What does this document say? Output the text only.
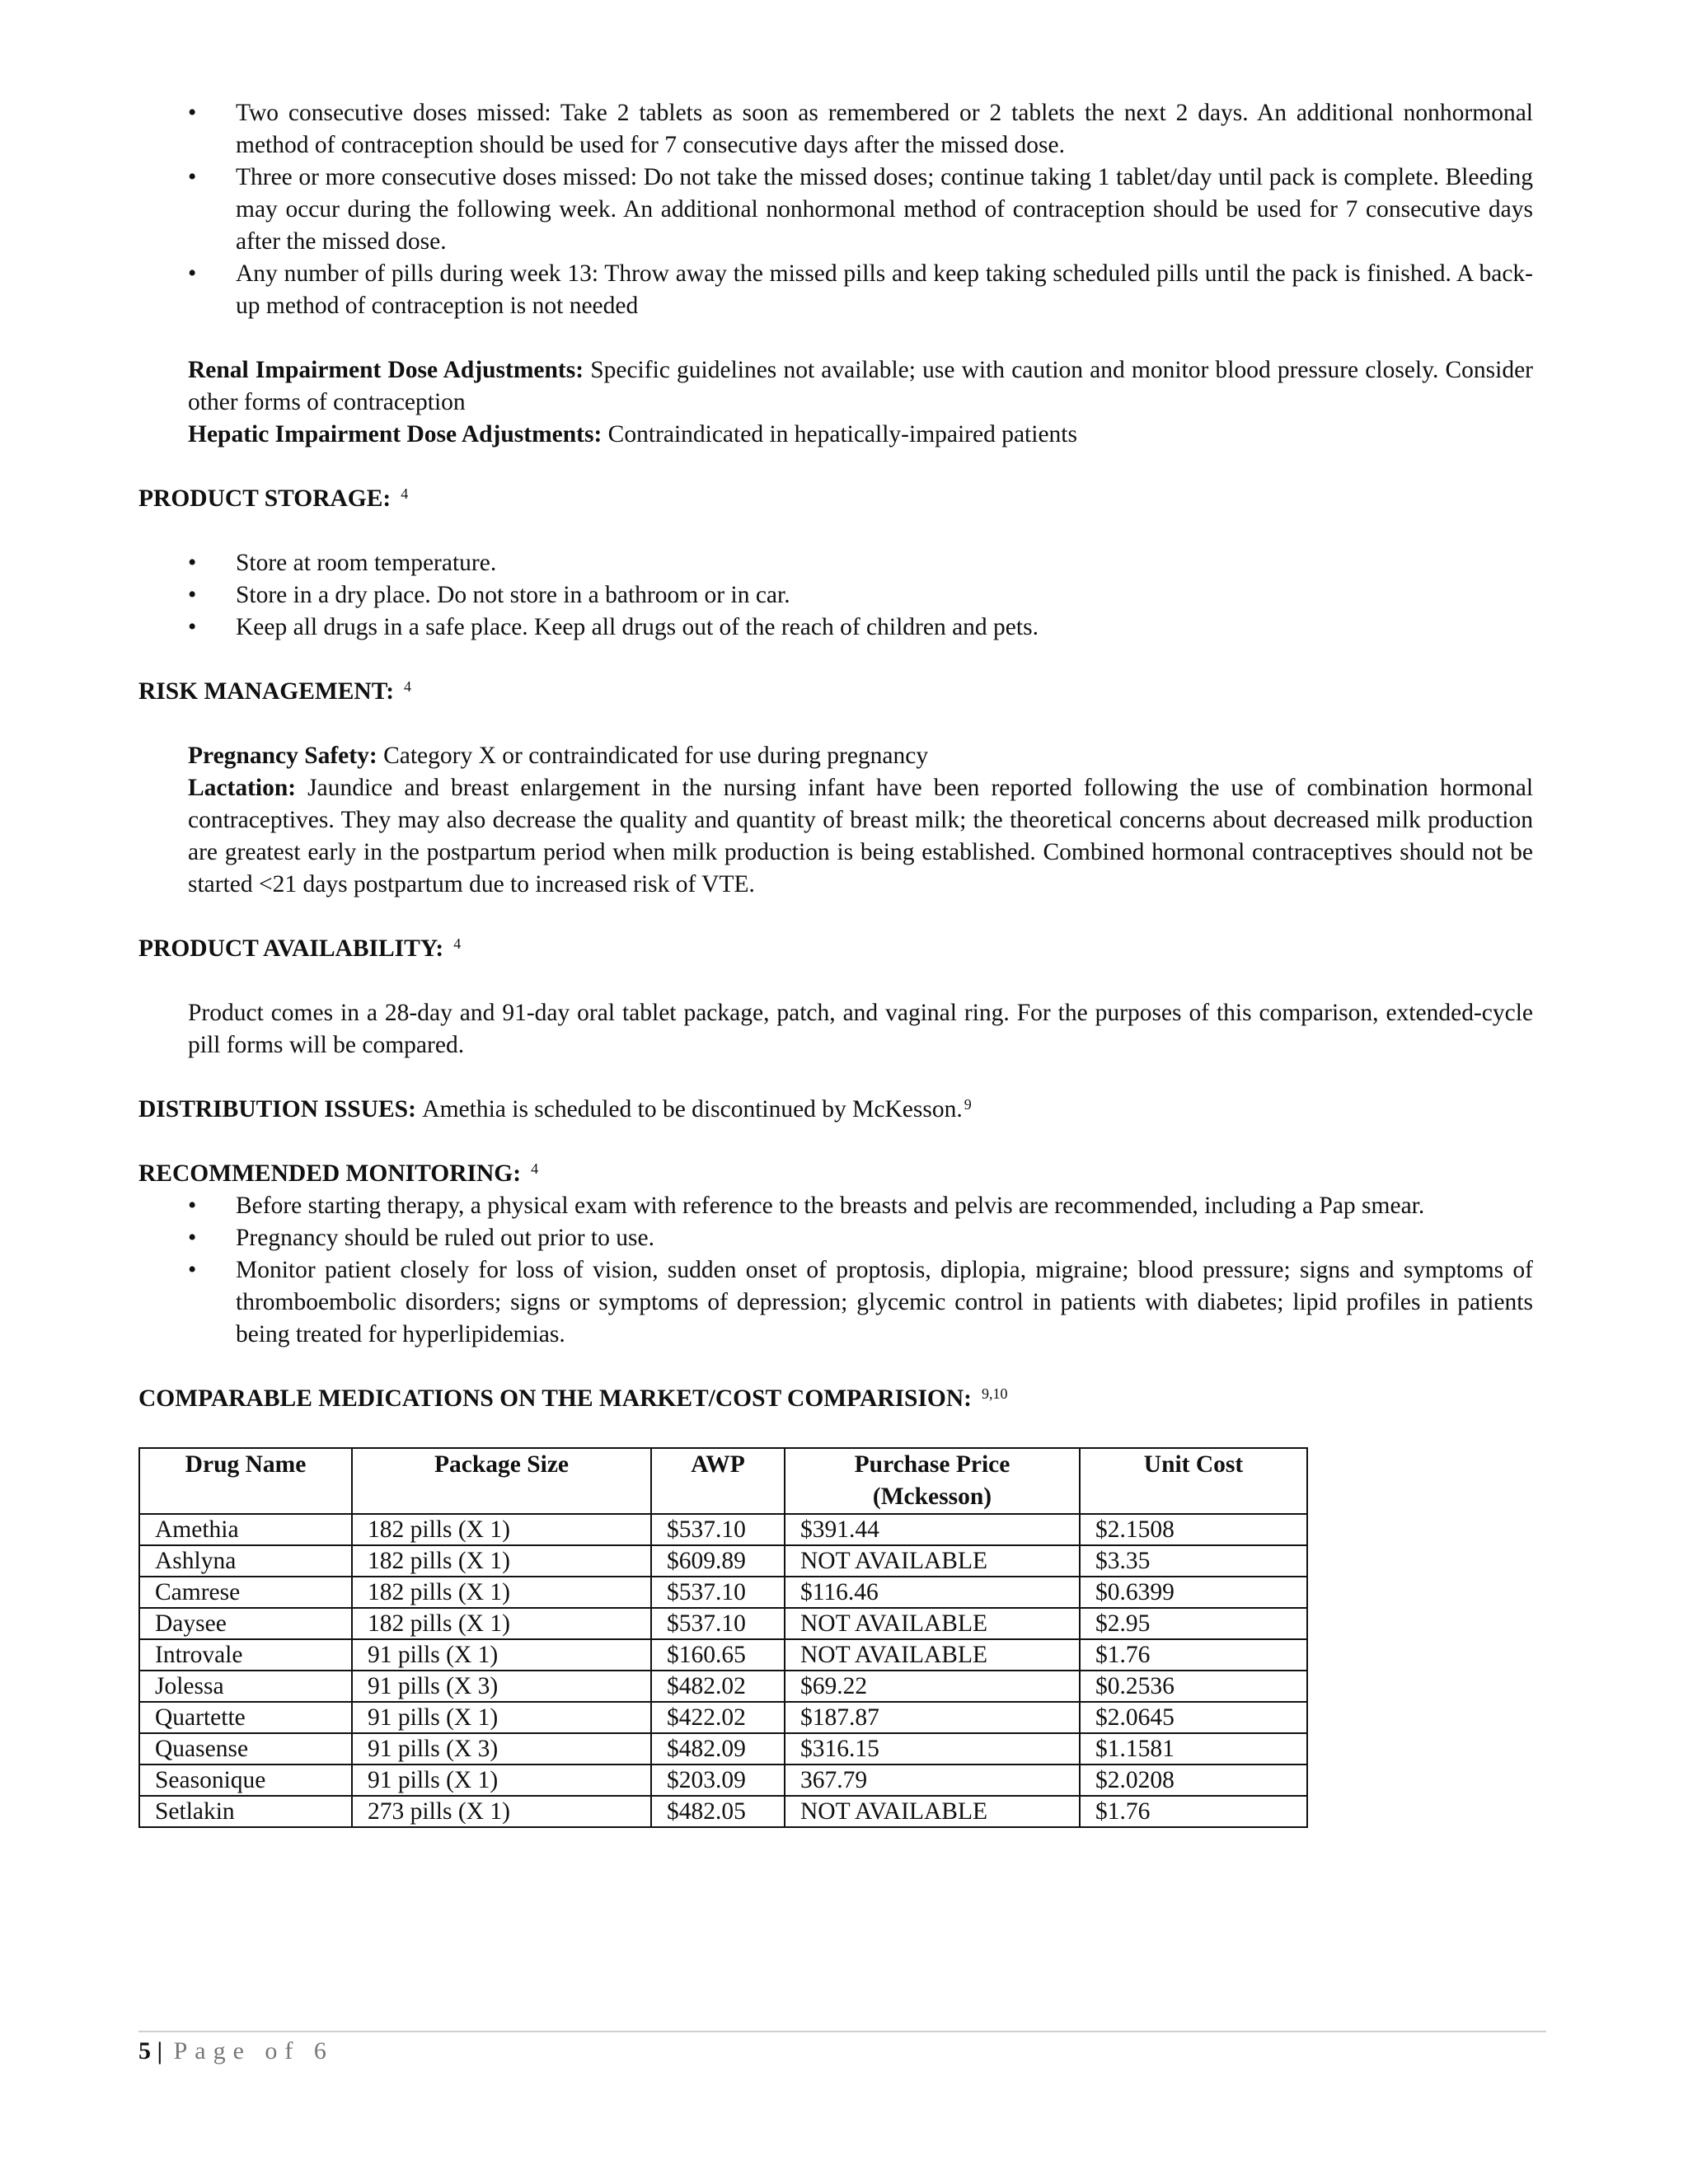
• Two consecutive doses missed: Take 2 tablets as soon as remembered or 2 tablets the next 2 days. An additional nonhormonal method of contraception should be used for 7 consecutive days after the missed dose.
• Three or more consecutive doses missed: Do not take the missed doses; continue taking 1 tablet/day until pack is complete. Bleeding may occur during the following week. An additional nonhormonal method of contraception should be used for 7 consecutive days after the missed dose.
• Any number of pills during week 13: Throw away the missed pills and keep taking scheduled pills until the pack is finished. A back-up method of contraception is not needed
Renal Impairment Dose Adjustments: Specific guidelines not available; use with caution and monitor blood pressure closely. Consider other forms of contraception
Hepatic Impairment Dose Adjustments: Contraindicated in hepatically-impaired patients
PRODUCT STORAGE: $^4$
• Store at room temperature.
• Store in a dry place. Do not store in a bathroom or in car.
• Keep all drugs in a safe place. Keep all drugs out of the reach of children and pets.
RISK MANAGEMENT: $^4$
Pregnancy Safety: Category X or contraindicated for use during pregnancy
Lactation: Jaundice and breast enlargement in the nursing infant have been reported following the use of combination hormonal contraceptives. They may also decrease the quality and quantity of breast milk; the theoretical concerns about decreased milk production are greatest early in the postpartum period when milk production is being established. Combined hormonal contraceptives should not be started <21 days postpartum due to increased risk of VTE.
PRODUCT AVAILABILITY: $^4$
Product comes in a 28-day and 91-day oral tablet package, patch, and vaginal ring. For the purposes of this comparison, extended-cycle pill forms will be compared.
DISTRIBUTION ISSUES: Amethia is scheduled to be discontinued by McKesson. $^9$
RECOMMENDED MONITORING: $^4$
• Before starting therapy, a physical exam with reference to the breasts and pelvis are recommended, including a Pap smear.
• Pregnancy should be ruled out prior to use.
• Monitor patient closely for loss of vision, sudden onset of proptosis, diplopia, migraine; blood pressure; signs and symptoms of thromboembolic disorders; signs or symptoms of depression; glycemic control in patients with diabetes; lipid profiles in patients being treated for hyperlipidemias.
COMPARABLE MEDICATIONS ON THE MARKET/COST COMPARISION: $^{9,10}$
Drug Name	Package Size	AWP	Purchase Price (Mckesson)	Unit Cost
Amethia	182 pills (X 1)	$537.10	$391.44	$2.1508
Ashlyna	182 pills (X 1)	$609.89	NOT AVAILABLE	$3.35
Camrese	182 pills (X 1)	$537.10	$116.46	$0.6399
Daysee	182 pills (X 1)	$537.10	NOT AVAILABLE	$2.95
Introvale	91 pills (X 1)	$160.65	NOT AVAILABLE	$1.76
Jolessa	91 pills (X 3)	$482.02	$69.22	$0.2536
Quartette	91 pills (X 1)	$422.02	$187.87	$2.0645
Quasense	91 pills (X 3)	$482.09	$316.15	$1.1581
Seasonique	91 pills (X 1)	$203.09	367.79	$2.0208
Setlakin	273 pills (X 1)	$482.05	NOT AVAILABLE	$1.76
5 | Page of 6
